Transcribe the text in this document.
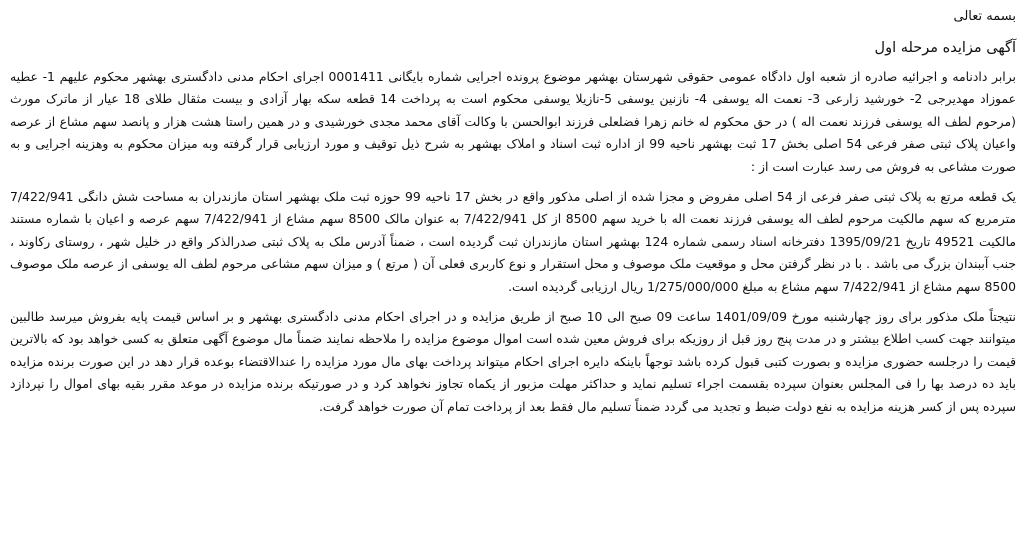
بسمه تعالی
آگهی مزایده مرحله اول

برابر دادنامه و اجرائیه صادره از شعبه اول دادگاه عمومی حقوقی شهرستان بهشهر موضوع پرونده اجرایی شماره بایگانی 0001411 اجرای احکام مدنی دادگستری بهشهر محکوم علیهم 1- عطیه عموزاد مهدیرجی 2- خورشید زارعی 3- نعمت اله یوسفی 4- نازنین یوسفی 5-نازیلا یوسفی محکوم است به پرداخت 14 قطعه سکه بهار آزادی و بیست مثقال طلای 18 عیار از ماترک مورث (مرحوم لطف اله یوسفی فرزند نعمت اله ) در حق محکوم له خانم زهرا فضلعلی فرزند ابوالحسن با وکالت آقای محمد مجدی خورشیدی و در همین راستا هشت هزار و پانصد سهم مشاع از عرصه واعیان پلاک ثبتی صفر فرعی 54 اصلی بخش 17 ثبت بهشهر ناحیه 99 از اداره ثبت اسناد و املاک بهشهر به شرح ذیل توقیف و مورد ارزیابی قرار گرفته وبه میزان محکوم به وهزینه اجرایی و به صورت مشاعی به فروش می رسد عبارت است از :

یک قطعه مرتع به پلاک ثبتی صفر فرعی از 54 اصلی مفروض و مجزا شده از اصلی مذکور واقع در بخش 17 ناحیه 99 حوزه ثبت ملک بهشهر استان مازندران به مساحت شش دانگی 7/422/941 مترمربع که سهم مالکیت مرحوم لطف اله یوسفی فرزند نعمت اله با خرید سهم 8500 از کل 7/422/941 به عنوان مالک 8500 سهم مشاع از 7/422/941 سهم عرصه و اعیان با شماره مستند مالکیت 49521 تاریخ 1395/09/21 دفترخانه اسناد رسمی شماره 124 بهشهر استان مازندران ثبت گردیده است ، ضمناً آدرس ملک به پلاک ثبتی صدرالذکر واقع در خلیل شهر ، روستای رکاوند ، جنب آببندان بزرگ می باشد . با در نظر گرفتن محل و موقعیت ملک موصوف و محل استقرار و نوع کاربری فعلی آن ( مرتع ) و میزان سهم مشاعی مرحوم لطف اله یوسفی از عرصه ملک موصوف 8500 سهم مشاع از 7/422/941 سهم مشاع به مبلغ 1/275/000/000 ریال ارزیابی گردیده است.

نتیجتاً ملک مذکور برای روز چهارشنبه مورخ 1401/09/09 ساعت 09 صبح الی 10 صبح از طریق مزایده و در اجرای احکام مدنی دادگستری بهشهر و بر اساس قیمت پایه بفروش میرسد طالبین میتوانند جهت کسب اطلاع بیشتر و در مدت پنج روز قبل از روزیکه برای فروش معین شده است اموال موضوع مزایده را ملاحظه نمایند ضمناً مال موضوع آگهی متعلق به کسی خواهد بود که بالاترین قیمت را درجلسه حضوری مزایده و بصورت کتبی قبول کرده باشد توجهاً باینکه دایره اجرای احکام میتواند پرداخت بهای مال مورد مزایده را عندالاقتضاء بوعده قرار دهد در این صورت برنده مزایده باید ده درصد بها را فی المجلس بعنوان سپرده بقسمت اجراء تسلیم نماید و حداکثر مهلت مزبور از یکماه تجاوز نخواهد کرد و در صورتیکه برنده مزایده در موعد مقرر بقیه بهای اموال را نپردازد سپرده پس از کسر هزینه مزایده به نفع دولت ضبط و تجدید می گردد ضمناً تسلیم مال فقط بعد از پرداخت تمام آن صورت خواهد گرفت.
